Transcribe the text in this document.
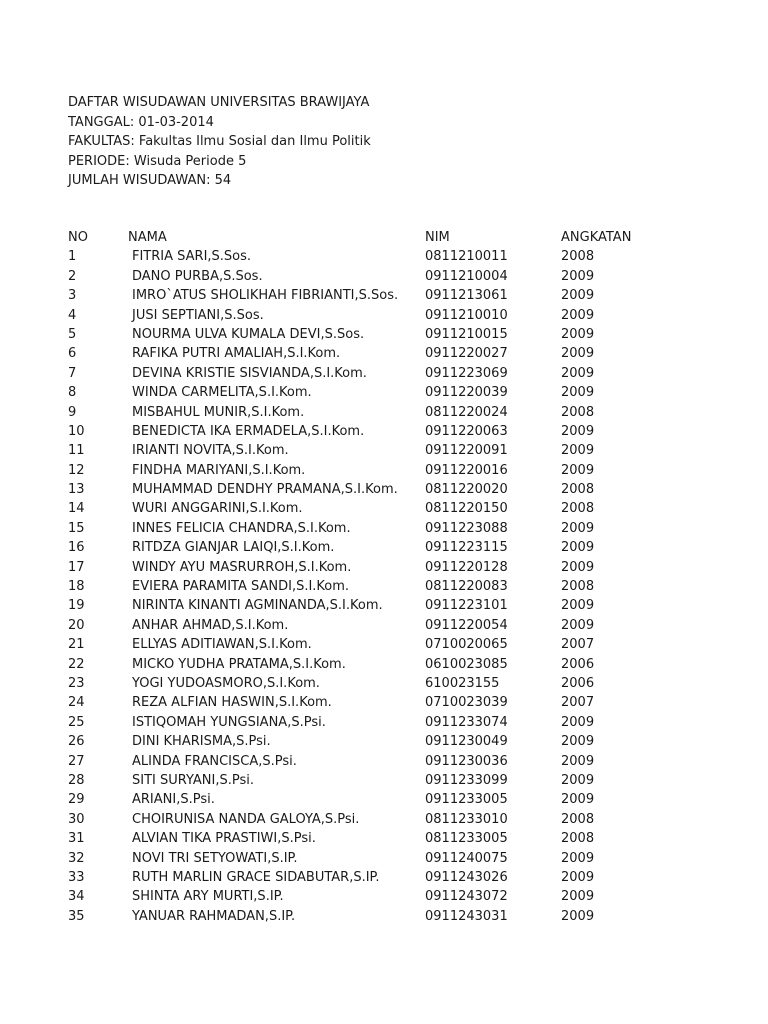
DAFTAR WISUDAWAN UNIVERSITAS BRAWIJAYA
TANGGAL: 01-03-2014
FAKULTAS: Fakultas Ilmu Sosial dan Ilmu Politik
PERIODE: Wisuda Periode 5
JUMLAH WISUDAWAN: 54
NO	NAMA	NIM	ANGKATAN
1	FITRIA SARI,S.Sos.	0811210011	2008
2	DANO PURBA,S.Sos.	0911210004	2009
3	IMRO`ATUS SHOLIKHAH FIBRIANTI,S.Sos. 0911213061	2009
4	JUSI SEPTIANI,S.Sos.	0911210010	2009
5	NOURMA ULVA KUMALA DEVI,S.Sos.	0911210015	2009
6	RAFIKA PUTRI AMALIAH,S.I.Kom.	0911220027	2009
7	DEVINA KRISTIE SISVIANDA,S.I.Kom.	0911223069	2009
8	WINDA CARMELITA,S.I.Kom.	0911220039	2009
9	MISBAHUL MUNIR,S.I.Kom.	0811220024	2008
10	BENEDICTA IKA ERMADELA,S.I.Kom.	0911220063	2009
11	IRIANTI NOVITA,S.I.Kom.	0911220091	2009
12	FINDHA MARIYANI,S.I.Kom.	0911220016	2009
13	MUHAMMAD DENDHY PRAMANA,S.I.Kom. 0811220020	2008
14	WURI ANGGARINI,S.I.Kom.	0811220150	2008
15	INNES FELICIA CHANDRA,S.I.Kom.	0911223088	2009
16	RITDZA GIANJAR LAIQI,S.I.Kom.	0911223115	2009
17	WINDY AYU MASRURROH,S.I.Kom.	0911220128	2009
18	EVIERA PARAMITA SANDI,S.I.Kom.	0811220083	2008
19	NIRINTA KINANTI AGMINANDA,S.I.Kom.	0911223101	2009
20	ANHAR AHMAD,S.I.Kom.	0911220054	2009
21	ELLYAS ADITIAWAN,S.I.Kom.	0710020065	2007
22	MICKO YUDHA PRATAMA,S.I.Kom.	0610023085	2006
23	YOGI YUDOASMORO,S.I.Kom.	610023155	2006
24	REZA ALFIAN HASWIN,S.I.Kom.	0710023039	2007
25	ISTIQOMAH YUNGSIANA,S.Psi.	0911233074	2009
26	DINI KHARISMA,S.Psi.	0911230049	2009
27	ALINDA FRANCISCA,S.Psi.	0911230036	2009
28	SITI SURYANI,S.Psi.	0911233099	2009
29	ARIANI,S.Psi.	0911233005	2009
30	CHOIRUNISA NANDA GALOYA,S.Psi.	0811233010	2008
31	ALVIAN TIKA PRASTIWI,S.Psi.	0811233005	2008
32	NOVI TRI SETYOWATI,S.IP.	0911240075	2009
33	RUTH MARLIN GRACE SIDABUTAR,S.IP.	0911243026	2009
34	SHINTA ARY MURTI,S.IP.	0911243072	2009
35	YANUAR RAHMADAN,S.IP.	0911243031	2009
